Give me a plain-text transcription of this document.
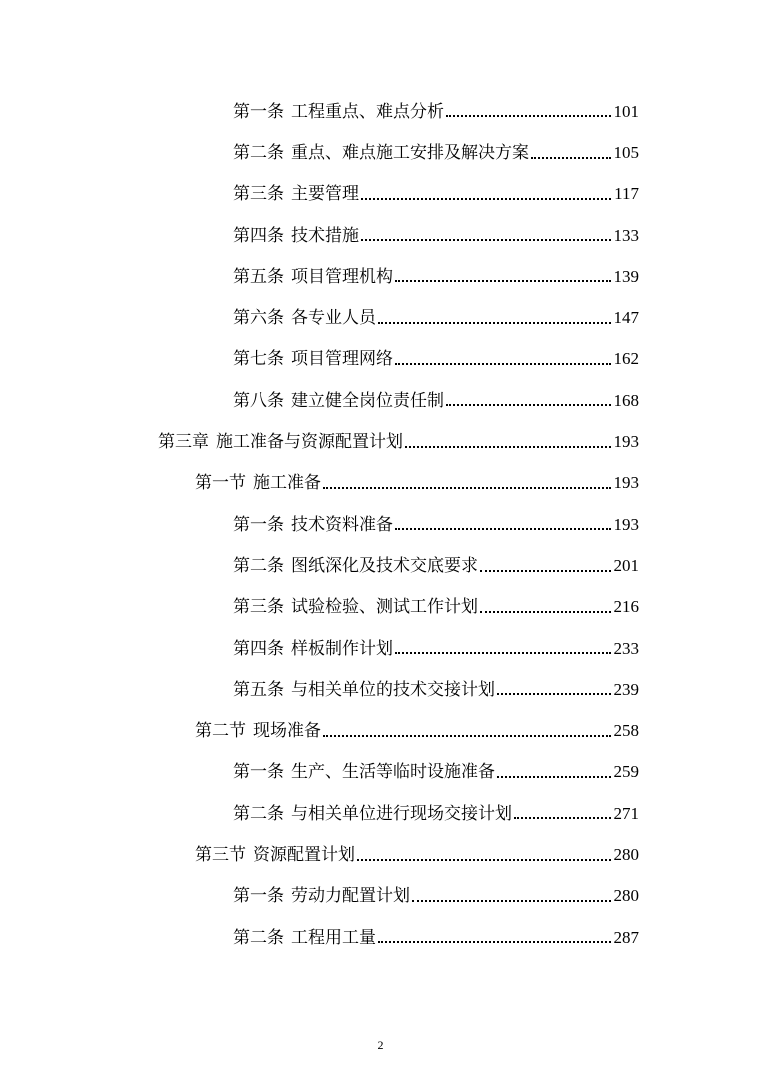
第一条 工程重点、难点分析	101
第二条 重点、难点施工安排及解决方案	105
第三条 主要管理	117
第四条 技术措施	133
第五条 项目管理机构	139
第六条 各专业人员	147
第七条 项目管理网络	162
第八条 建立健全岗位责任制	168
第三章 施工准备与资源配置计划	193
第一节 施工准备	193
第一条 技术资料准备	193
第二条 图纸深化及技术交底要求	201
第三条 试验检验、测试工作计划	216
第四条 样板制作计划	233
第五条 与相关单位的技术交接计划	239
第二节 现场准备	258
第一条 生产、生活等临时设施准备	259
第二条 与相关单位进行现场交接计划	271
第三节 资源配置计划	280
第一条 劳动力配置计划	280
第二条 工程用工量	287
2
